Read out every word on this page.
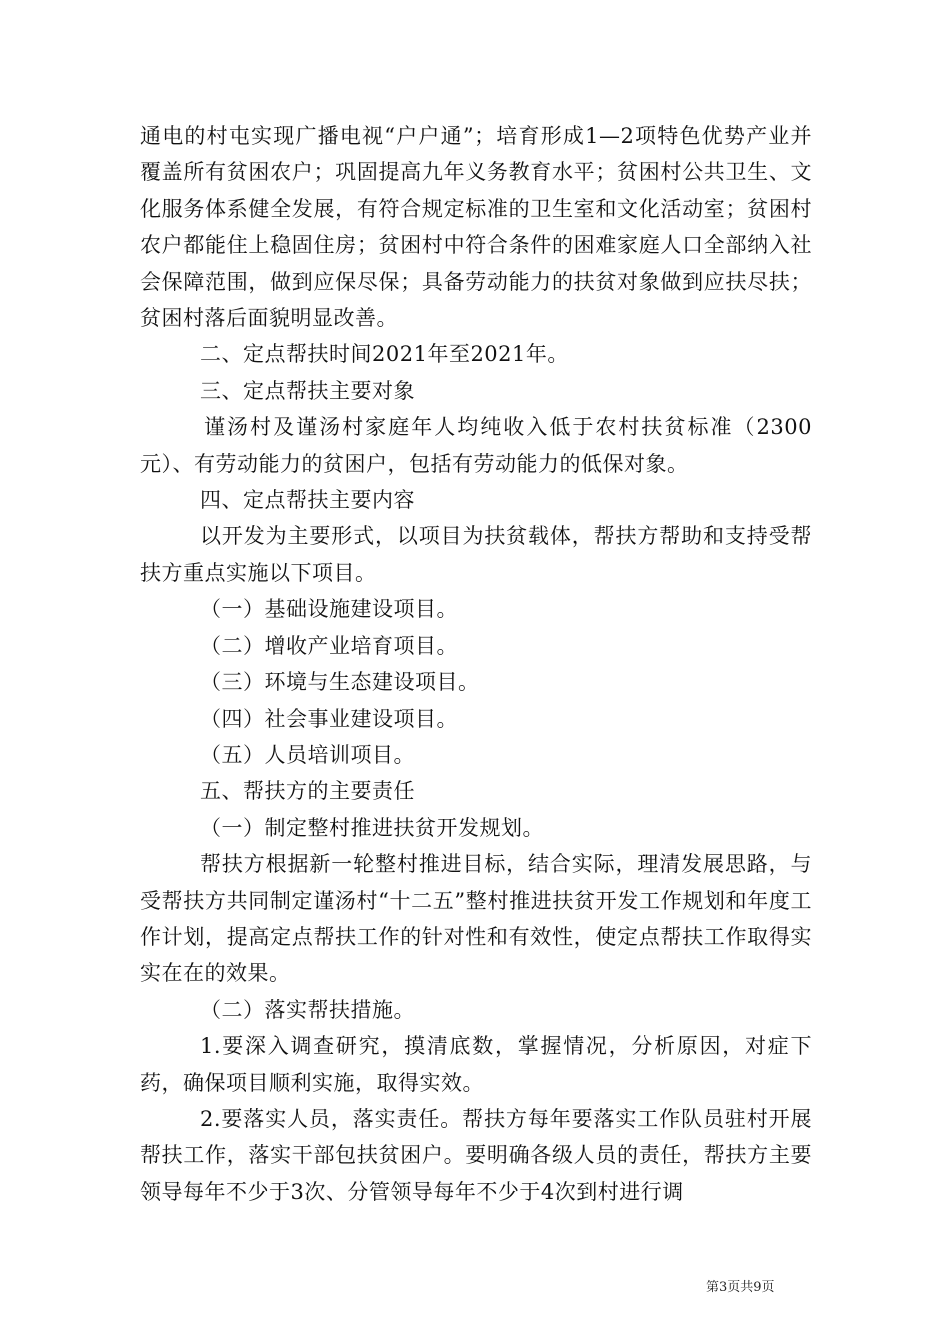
通电的村屯实现广播电视“户户通”；培育形成1—2项特色优势产业并覆盖所有贫困农户；巩固提高九年义务教育水平；贫困村公共卫生、文化服务体系健全发展，有符合规定标准的卫生室和文化活动室；贫困村农户都能住上稳固住房；贫困村中符合条件的困难家庭人口全部纳入社会保障范围，做到应保尽保；具备劳动能力的扶贫对象做到应扶尽扶；贫困村落后面貌明显改善。

二、定点帮扶时间2021年至2021年。

三、定点帮扶主要对象

谨汤村及谨汤村家庭年人均纯收入低于农村扶贫标准（2300元）、有劳动能力的贫困户，包括有劳动能力的低保对象。

四、定点帮扶主要内容

以开发为主要形式，以项目为扶贫载体，帮扶方帮助和支持受帮扶方重点实施以下项目。

（一）基础设施建设项目。

（二）增收产业培育项目。

（三）环境与生态建设项目。

（四）社会事业建设项目。

（五）人员培训项目。

五、帮扶方的主要责任

（一）制定整村推进扶贫开发规划。

帮扶方根据新一轮整村推进目标，结合实际，理清发展思路，与受帮扶方共同制定谨汤村“十二五”整村推进扶贫开发工作规划和年度工作计划，提高定点帮扶工作的针对性和有效性，使定点帮扶工作取得实实在在的效果。

（二）落实帮扶措施。

1.要深入调查研究，摸清底数，掌握情况，分析原因，对症下药，确保项目顺利实施，取得实效。

2.要落实人员，落实责任。帮扶方每年要落实工作队员驻村开展帮扶工作，落实干部包扶贫困户。要明确各级人员的责任，帮扶方主要领导每年不少于3次、分管领导每年不少于4次到村进行调

第3页共9页
